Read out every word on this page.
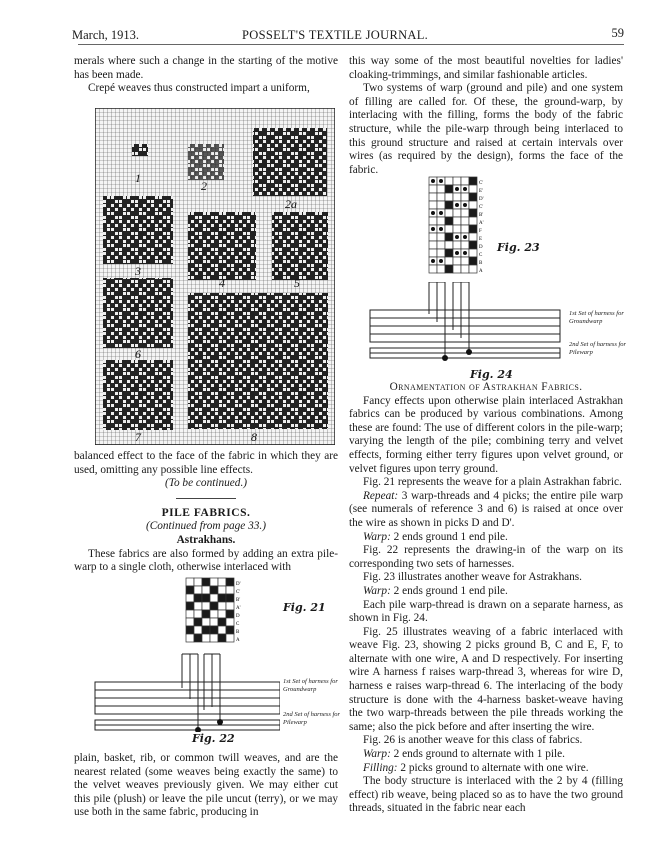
March, 1913.	POSSELT'S TEXTILE JOURNAL.	59

merals where such a change in the starting of the motive has been made.

Crepé weaves thus constructed impart a uniform,

1
2
2a
3
4	5
6
7	8

balanced effect to the face of the fabric in which they are used, omitting any possible line effects.

(To be continued.)

PILE FABRICS.

(Continued from page 33.)

Astrakhans.

These fabrics are also formed by adding an extra pile-warp to a single cloth, otherwise interlaced with

D'
C'
B'
A'
D
C
B
A
Fig. 21
1st Set of harness for Groundwarp
2nd Set of harness for Pilewarp
Fig. 22

plain, basket, rib, or common twill weaves, and are the nearest related (some weaves being exactly the same) to the velvet weaves previously given. We may either cut this pile (plush) or leave the pile uncut (terry), or we may use both in the same fabric, producing in

this way some of the most beautiful novelties for ladies' cloaking-trimmings, and similar fashionable articles.

Two systems of warp (ground and pile) and one system of filling are called for. Of these, the ground-warp, by interlacing with the filling, forms the body of the fabric structure, while the pile-warp through being interlaced to this ground structure and raised at certain intervals over wires (as required by the design), forms the face of the fabric.

C'
E'
D'
C'
B'
A'
F
E
D
C
B
A
Fig. 23
1st Set of harness for Groundwarp
2nd Set of harness for Pilewarp
Fig. 24

Ornamentation of Astrakhan Fabrics.

Fancy effects upon otherwise plain interlaced Astrakhan fabrics can be produced by various combinations. Among these are found: The use of different colors in the pile-warp; varying the length of the pile; combining terry and velvet effects, forming either terry figures upon velvet ground, or velvet figures upon terry ground.

Fig. 21 represents the weave for a plain Astrakhan fabric.

Repeat: 3 warp-threads and 4 picks; the entire pile warp (see numerals of reference 3 and 6) is raised at once over the wire as shown in picks D and D'.

Warp: 2 ends ground 1 end pile.

Fig. 22 represents the drawing-in of the warp on its corresponding two sets of harnesses.

Fig. 23 illustrates another weave for Astrakhans.

Warp: 2 ends ground 1 end pile.

Each pile warp-thread is drawn on a separate harness, as shown in Fig. 24.

Fig. 25 illustrates weaving of a fabric interlaced with weave Fig. 23, showing 2 picks ground B, C and E, F, to alternate with one wire, A and D respectively. For inserting wire A harness f raises warp-thread 3, whereas for wire D, harness e raises warp-thread 6. The interlacing of the body structure is done with the 4-harness basket-weave having the two warp-threads between the pile threads working the same; also the pick before and after inserting the wire.

Fig. 26 is another weave for this class of fabrics.

Warp: 2 ends ground to alternate with 1 pile.

Filling: 2 picks ground to alternate with one wire.

The body structure is interlaced with the 2 by 4 (filling effect) rib weave, being placed so as to have the two ground threads, situated in the fabric near each
